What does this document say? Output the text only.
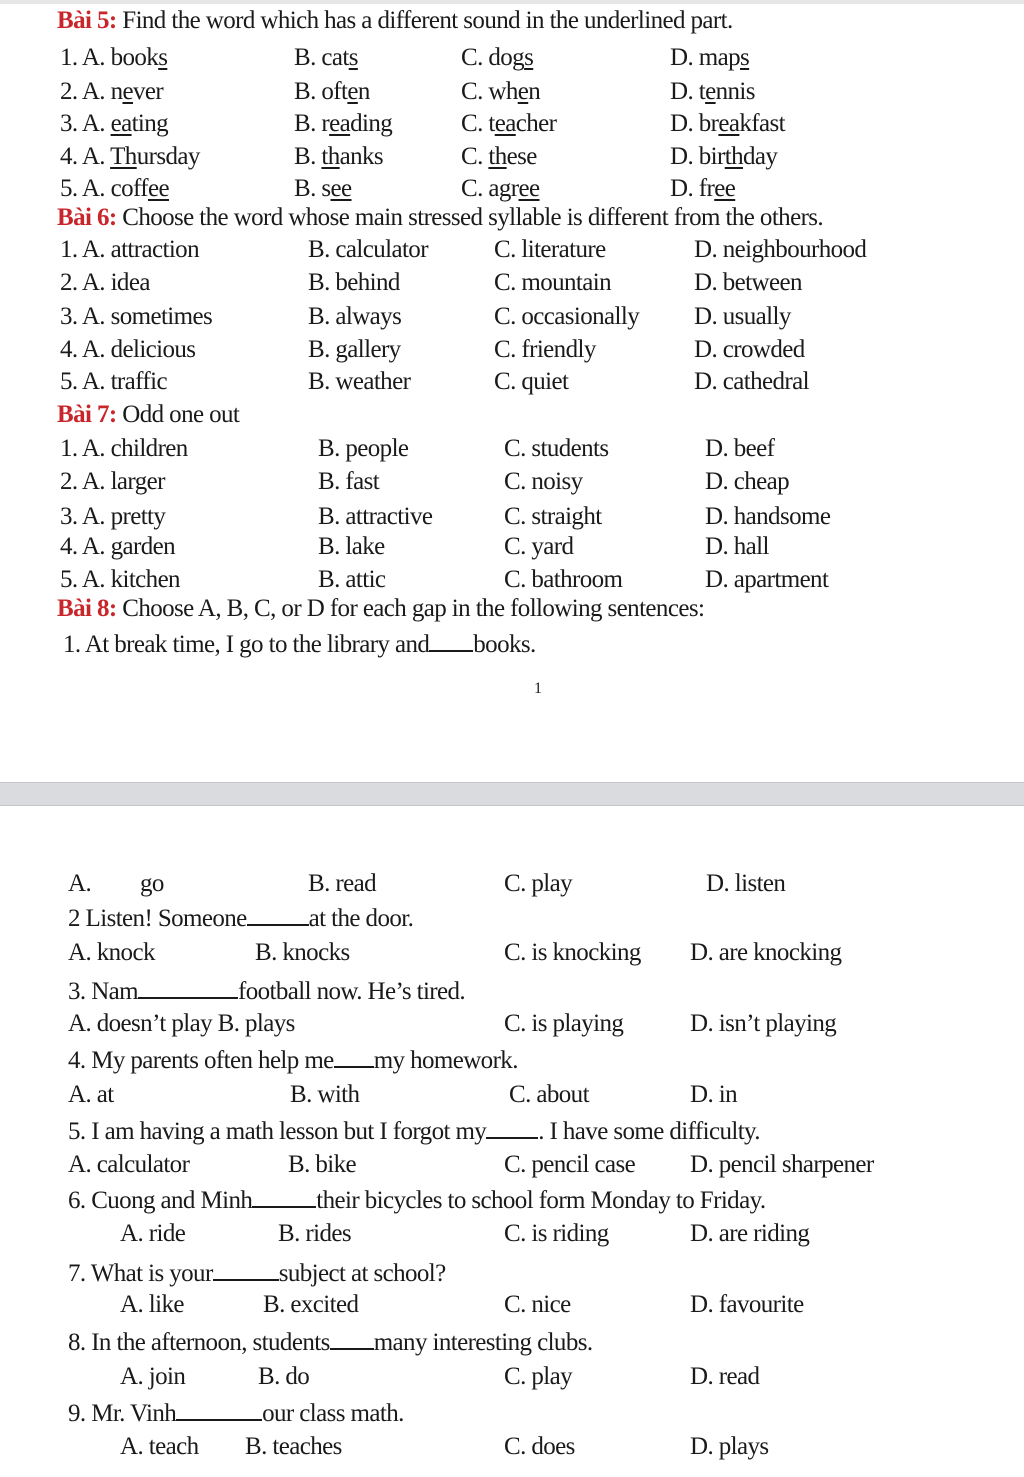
Bài 5: Find the word which has a different sound in the underlined part.
1. A. books	B. cats	C. dogs	D. maps
2. A. never	B. often	C. when	D. tennis
3. A. eating	B. reading	C. teacher	D. breakfast
4. A. Thursday	B. thanks	C. these	D. birthday
5. A. coffee	B. see	C. agree	D. free
Bài 6: Choose the word whose main stressed syllable is different from the others.
1. A. attraction	B. calculator	C. literature	D. neighbourhood
2. A. idea	B. behind	C. mountain	D. between
3. A. sometimes	B. always	C. occasionally D. usually
4. A. delicious	B. gallery	C. friendly	D. crowded
5. A. traffic	B. weather	C. quiet	D. cathedral
Bài 7: Odd one out
1. A. children	B. people	C. students	D. beef
2. A. larger	B. fast	C. noisy	D. cheap
3. A. pretty	B. attractive	C. straight	D. handsome
4. A. garden	B. lake	C. yard	D. hall
5. A. kitchen	B. attic	C. bathroom	D. apartment
Bài 8: Choose A, B, C, or D for each gap in the following sentences:
1. At break time, I go to the library and books.
1
A. go	B. read	C. play	D. listen
2 Listen! Someone at the door.
A. knock	B. knocks	C. is knocking D. are knocking
3. Nam	football now. He’s tired.
A. doesn’t play B. plays	C. is playing	D. isn’t playing
4. My parents often help me my homework.
A. at	B. with	C. about	D. in
5. I am having a math lesson but I forgot my . I have some difficulty.
A. calculator	B. bike	C. pencil case D. pencil sharpener
6. Cuong and Minh	their bicycles to school form Monday to Friday.
A. ride	B. rides	C. is riding	D. are riding
7. What is your	subject at school?
A. like	B. excited	C. nice	D. favourite
8. In the afternoon, students many interesting clubs.
A. join	B. do	C. play	D. read
9. Mr. Vinh	our class math.
A. teach B. teaches	C. does	D. plays
